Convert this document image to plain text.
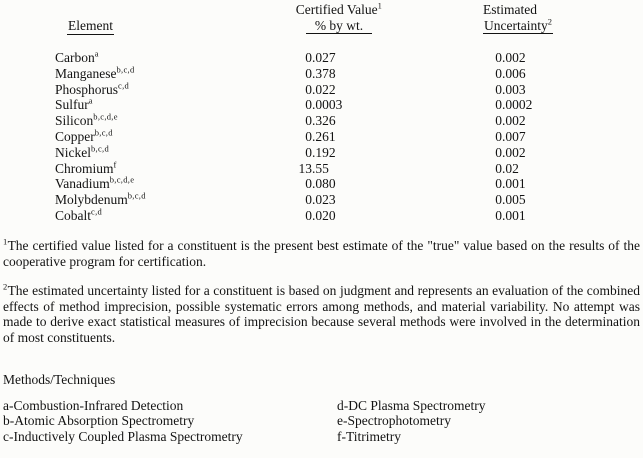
Element
Certified Value$^1$
% by wt.
Estimated
Uncertainty$^2$
Carbon$^a$	0 .027	0 .002
Manganese$^{b,c,d}$	0 .378	0 .006
Phosphorus$^{c,d}$	0 .022	0 .003
Sulfur$^a$	0 .0003	0 .0002
Silicon$^{b,c,d,e}$	0 .326	0 .002
Copper$^{b,c,d}$	0 .261	0 .007
Nickel$^{b,c,d}$	0 .192	0 .002
Chromium$^f$	13 .55	0 .02
Vanadium$^{b,c,d,e}$	0 .080	0 .001
Molybdenum$^{b,c,d}$	0 .023	0 .005
Cobalt$^{c,d}$	0 .020	0 .001
$^1$The certified value listed for a constituent is the present best estimate of the "true" value based on the results of the cooperative program for certification.
$^2$The estimated uncertainty listed for a constituent is based on judgment and represents an evaluation of the combined effects of method imprecision, possible systematic errors among methods, and material variability. No attempt was made to derive exact statistical measures of imprecision because several methods were involved in the determination of most constituents.
Methods/Techniques
a-Combustion-Infrared Detection
b-Atomic Absorption Spectrometry
c-Inductively Coupled Plasma Spectrometry
d-DC Plasma Spectrometry
e-Spectrophotometry
f-Titrimetry
